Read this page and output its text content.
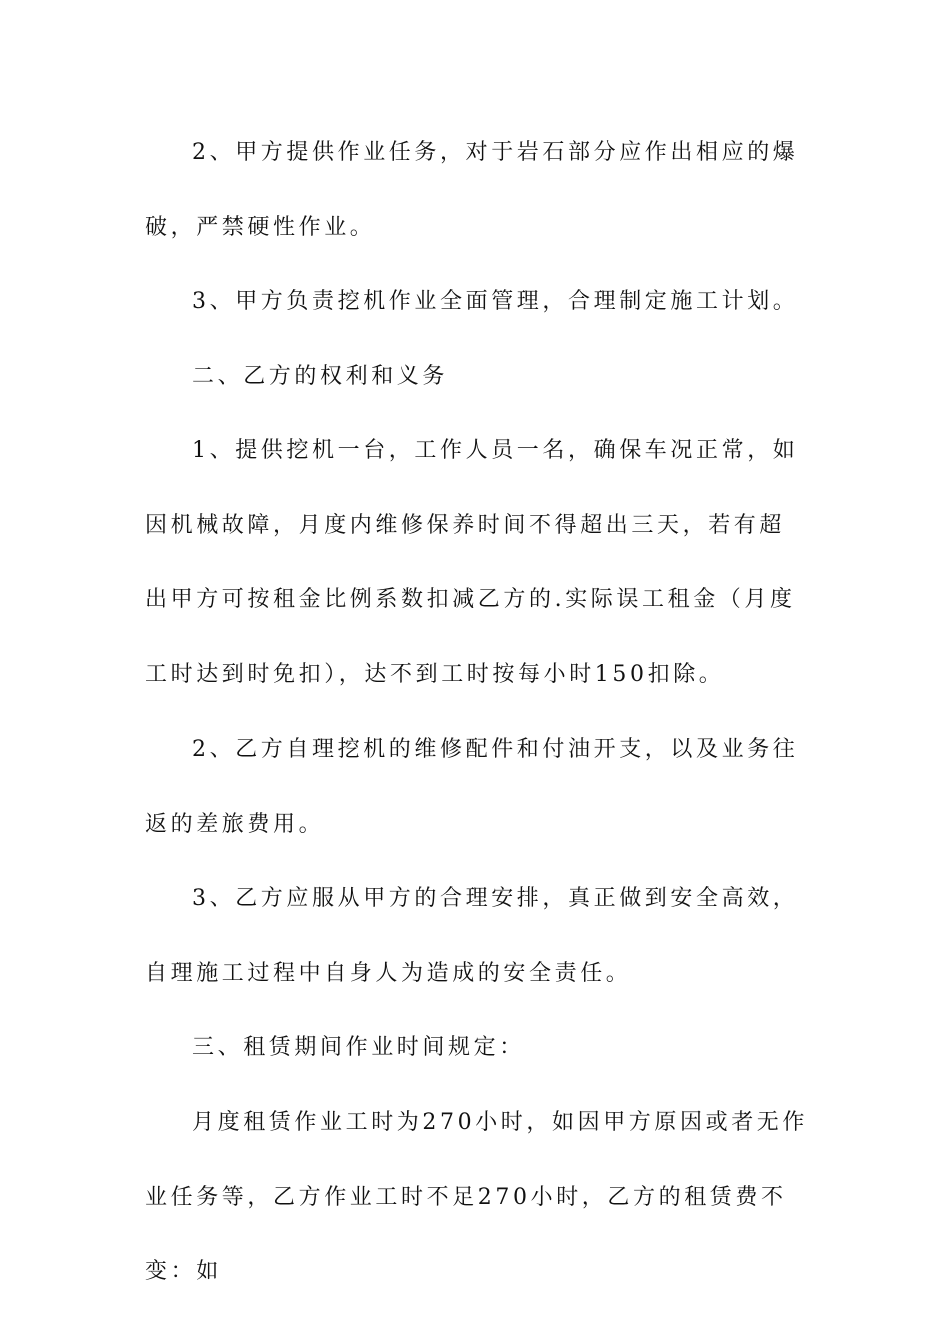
2、甲方提供作业任务，对于岩石部分应作出相应的爆破，严禁硬性作业。

3、甲方负责挖机作业全面管理，合理制定施工计划。

二、乙方的权利和义务

1、提供挖机一台，工作人员一名，确保车况正常，如因机械故障，月度内维修保养时间不得超出三天，若有超出甲方可按租金比例系数扣减乙方的.实际误工租金（月度工时达到时免扣），达不到工时按每小时150扣除。

2、乙方自理挖机的维修配件和付油开支，以及业务往返的差旅费用。

3、乙方应服从甲方的合理安排，真正做到安全高效，自理施工过程中自身人为造成的安全责任。

三、租赁期间作业时间规定：

月度租赁作业工时为270小时，如因甲方原因或者无作业任务等，乙方作业工时不足270小时，乙方的租赁费不变：如
